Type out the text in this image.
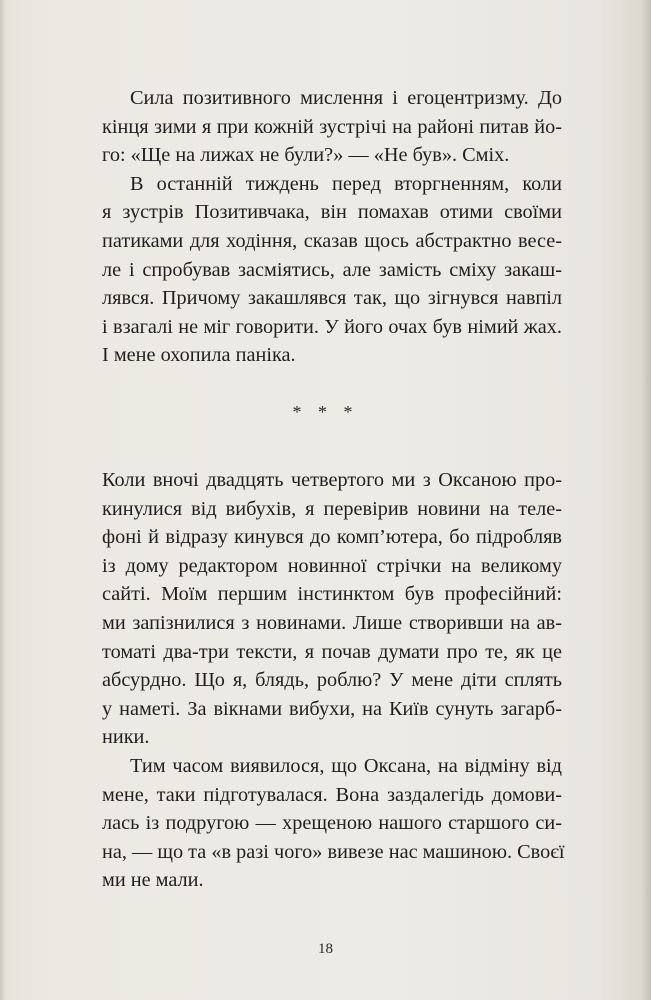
Сила позитивного мислення і егоцентризму. До
кінця зими я при кожній зустрічі на районі питав йо-
го: «Ще на лижах не були?» — «Не був». Сміх.

В останній тиждень перед вторгненням, коли
я зустрів Позитивчака, він помахав отими своїми
патиками для ходіння, сказав щось абстрактно весе-
ле і спробував засміятись, але замість сміху закаш-
лявся. Причому закашлявся так, що зігнувся навпіл
і взагалі не міг говорити. У його очах був німий жах.
І мене охопила паніка.

* * *

Коли вночі двадцять четвертого ми з Оксаною про-
кинулися від вибухів, я перевірив новини на теле-
фоні й відразу кинувся до комп’ютера, бо підробляв
із дому редактором новинної стрічки на великому
сайті. Моїм першим інстинктом був професійний:
ми запізнилися з новинами. Лише створивши на ав-
томаті два-три тексти, я почав думати про те, як це
абсурдно. Що я, блядь, роблю? У мене діти сплять
у наметі. За вікнами вибухи, на Київ сунуть загарб-
ники.

Тим часом виявилося, що Оксана, на відміну від
мене, таки підготувалася. Вона заздалегідь домови-
лась із подругою — хрещеною нашого старшого си-
на, — що та «в разі чого» вивезе нас машиною. Своєї
ми не мали.

18
